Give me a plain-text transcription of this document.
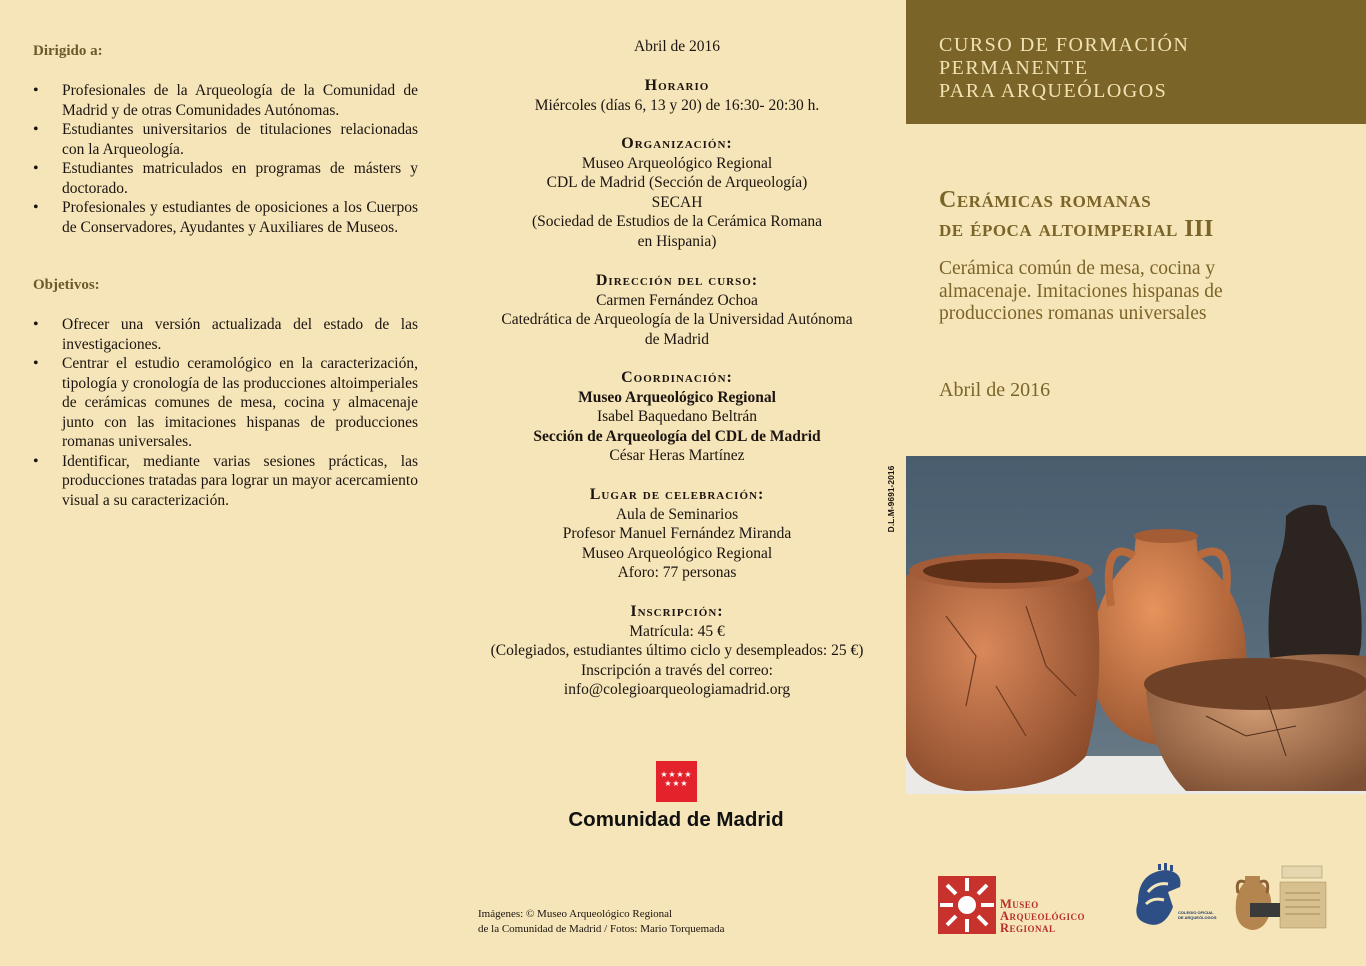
Dirigido a:
• Profesionales de la Arqueología de la Comunidad de Madrid y de otras Comunidades Autónomas.
• Estudiantes universitarios de titulaciones relacionadas con la Arqueología.
• Estudiantes matriculados en programas de másters y doctorado.
• Profesionales y estudiantes de oposiciones a los Cuerpos de Conservadores, Ayudantes y Auxiliares de Museos.
Objetivos:
• Ofrecer una versión actualizada del estado de las investigaciones.
• Centrar el estudio ceramológico en la caracterización, tipología y cronología de las producciones altoimperiales de cerámicas comunes de mesa, cocina y almacenaje junto con las imitaciones hispanas de producciones romanas universales.
• Identificar, mediante varias sesiones prácticas, las producciones tratadas para lograr un mayor acercamiento visual a su caracterización.
Abril de 2016
Horario
Miércoles (días 6, 13 y 20) de 16:30- 20:30 h.
Organización:
Museo Arqueológico Regional
CDL de Madrid (Sección de Arqueología)
SECAH
(Sociedad de Estudios de la Cerámica Romana
en Hispania)
Dirección del curso:
Carmen Fernández Ochoa
Catedrática de Arqueología de la Universidad Autónoma
de Madrid
Coordinación:
Museo Arqueológico Regional
Isabel Baquedano Beltrán
Sección de Arqueología del CDL de Madrid
César Heras Martínez
Lugar de celebración:
Aula de Seminarios
Profesor Manuel Fernández Miranda
Museo Arqueológico Regional
Aforo: 77 personas
Inscripción:
Matrícula: 45 €
(Colegiados, estudiantes último ciclo y desempleados: 25 €)
Inscripción a través del correo:
info@colegioarqueologiamadrid.org
D.L.M-9691-2016
★ ★ ★ ★
★ ★ ★
Comunidad de Madrid
Imágenes: © Museo Arqueológico Regional
de la Comunidad de Madrid / Fotos: Mario Torquemada
CURSO DE FORMACIÓN
PERMANENTE
PARA ARQUEÓLOGOS
Cerámicas romanas
de época altoimperial III
Cerámica común de mesa, cocina y almacenaje. Imitaciones hispanas de producciones romanas universales
Abril de 2016
Museo
Arqueológico
Regional
COLEGIO OFICIAL DE ARQUEÓLOGOS
